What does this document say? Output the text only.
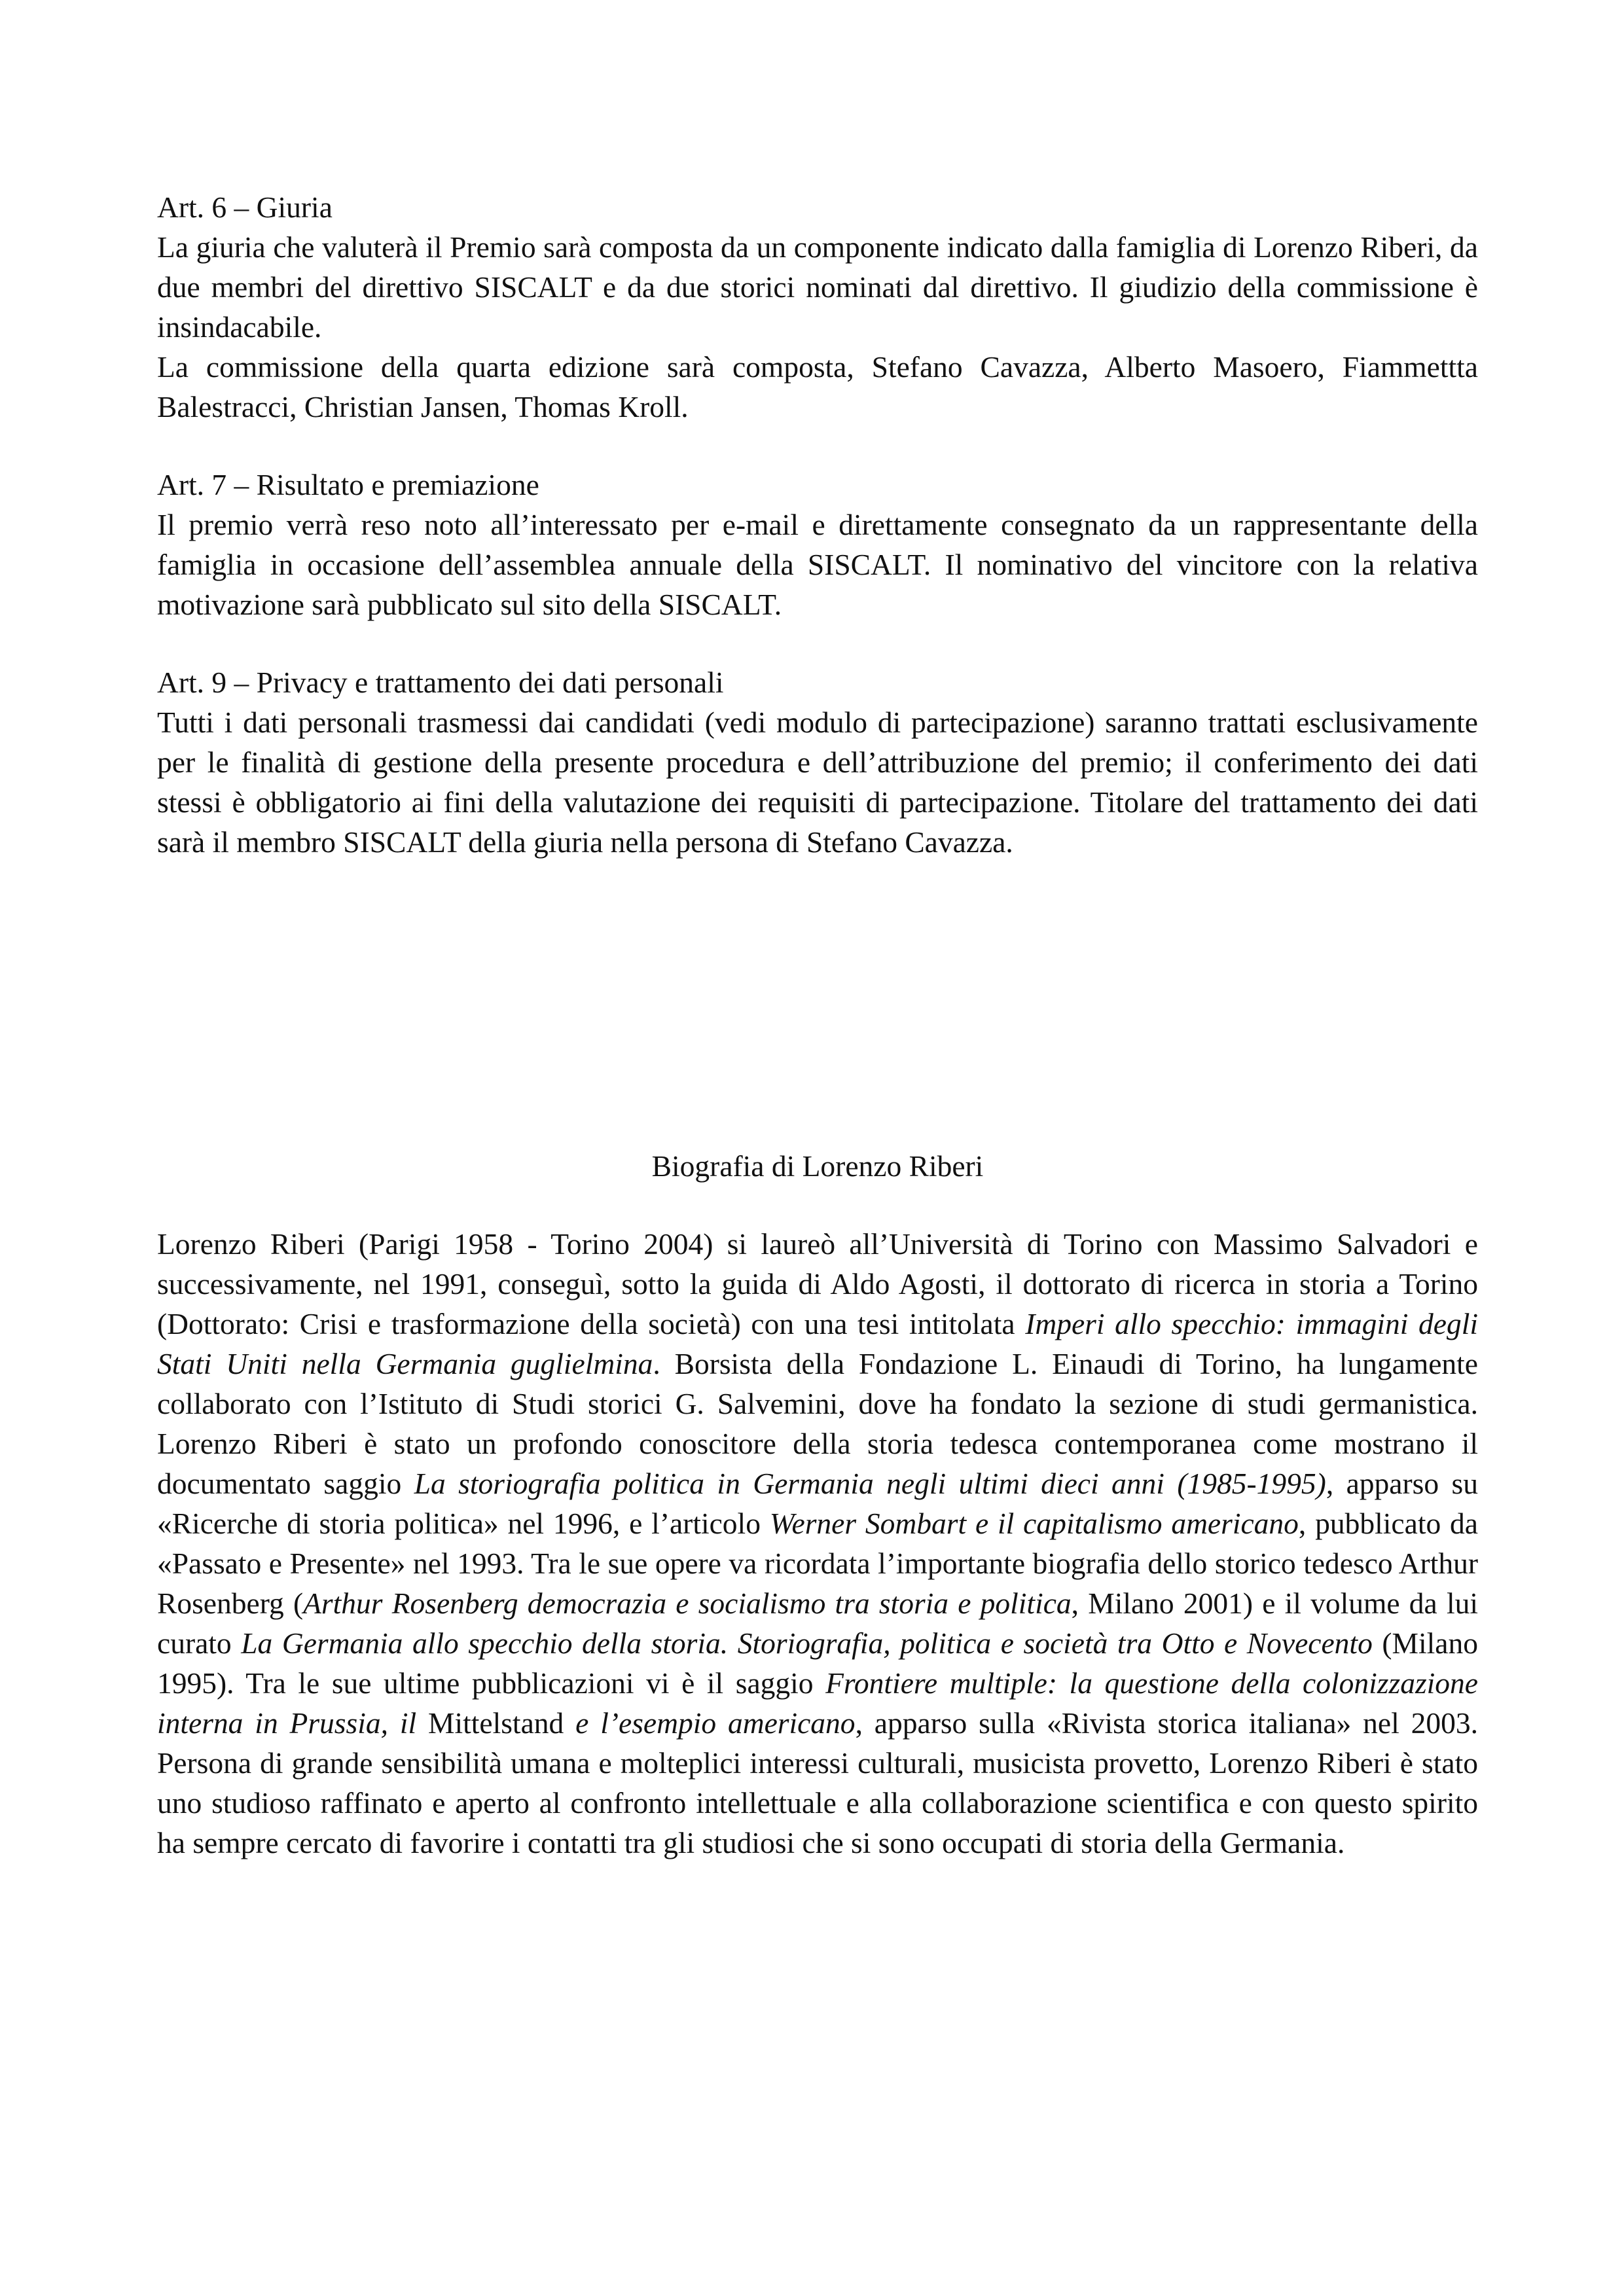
Art. 6 – Giuria

La giuria che valuterà il Premio sarà composta da un componente indicato dalla famiglia di Lorenzo Riberi, da due membri del direttivo SISCALT e da due storici nominati dal direttivo. Il giudizio della commissione è insindacabile.

La commissione della quarta edizione sarà composta, Stefano Cavazza, Alberto Masoero, Fiammettta Balestracci, Christian Jansen, Thomas Kroll.

Art. 7 – Risultato e premiazione

Il premio verrà reso noto all’interessato per e-mail e direttamente consegnato da un rappresentante della famiglia in occasione dell’assemblea annuale della SISCALT. Il nominativo del vincitore con la relativa motivazione sarà pubblicato sul sito della SISCALT.

Art. 9 – Privacy e trattamento dei dati personali

Tutti i dati personali trasmessi dai candidati (vedi modulo di partecipazione) saranno trattati esclusivamente per le finalità di gestione della presente procedura e dell’attribuzione del premio; il conferimento dei dati stessi è obbligatorio ai fini della valutazione dei requisiti di partecipazione. Titolare del trattamento dei dati sarà il membro SISCALT della giuria nella persona di Stefano Cavazza.

Biografia di Lorenzo Riberi

Lorenzo Riberi (Parigi 1958 - Torino 2004) si laureò all’Università di Torino con Massimo Salvadori e successivamente, nel 1991, conseguì, sotto la guida di Aldo Agosti, il dottorato di ricerca in storia a Torino (Dottorato: Crisi e trasformazione della società) con una tesi intitolata Imperi allo specchio: immagini degli Stati Uniti nella Germania guglielmina. Borsista della Fondazione L. Einaudi di Torino, ha lungamente collaborato con l’Istituto di Studi storici G. Salvemini, dove ha fondato la sezione di studi germanistica. Lorenzo Riberi è stato un profondo conoscitore della storia tedesca contemporanea come mostrano il documentato saggio La storiografia politica in Germania negli ultimi dieci anni (1985-1995), apparso su «Ricerche di storia politica» nel 1996, e l’articolo Werner Sombart e il capitalismo americano, pubblicato da «Passato e Presente» nel 1993. Tra le sue opere va ricordata l’importante biografia dello storico tedesco Arthur Rosenberg (Arthur Rosenberg democrazia e socialismo tra storia e politica, Milano 2001) e il volume da lui curato La Germania allo specchio della storia. Storiografia, politica e società tra Otto e Novecento (Milano 1995). Tra le sue ultime pubblicazioni vi è il saggio Frontiere multiple: la questione della colonizzazione interna in Prussia, il Mittelstand e l’esempio americano, apparso sulla «Rivista storica italiana» nel 2003. Persona di grande sensibilità umana e molteplici interessi culturali, musicista provetto, Lorenzo Riberi è stato uno studioso raffinato e aperto al confronto intellettuale e alla collaborazione scientifica e con questo spirito ha sempre cercato di favorire i contatti tra gli studiosi che si sono occupati di storia della Germania.
